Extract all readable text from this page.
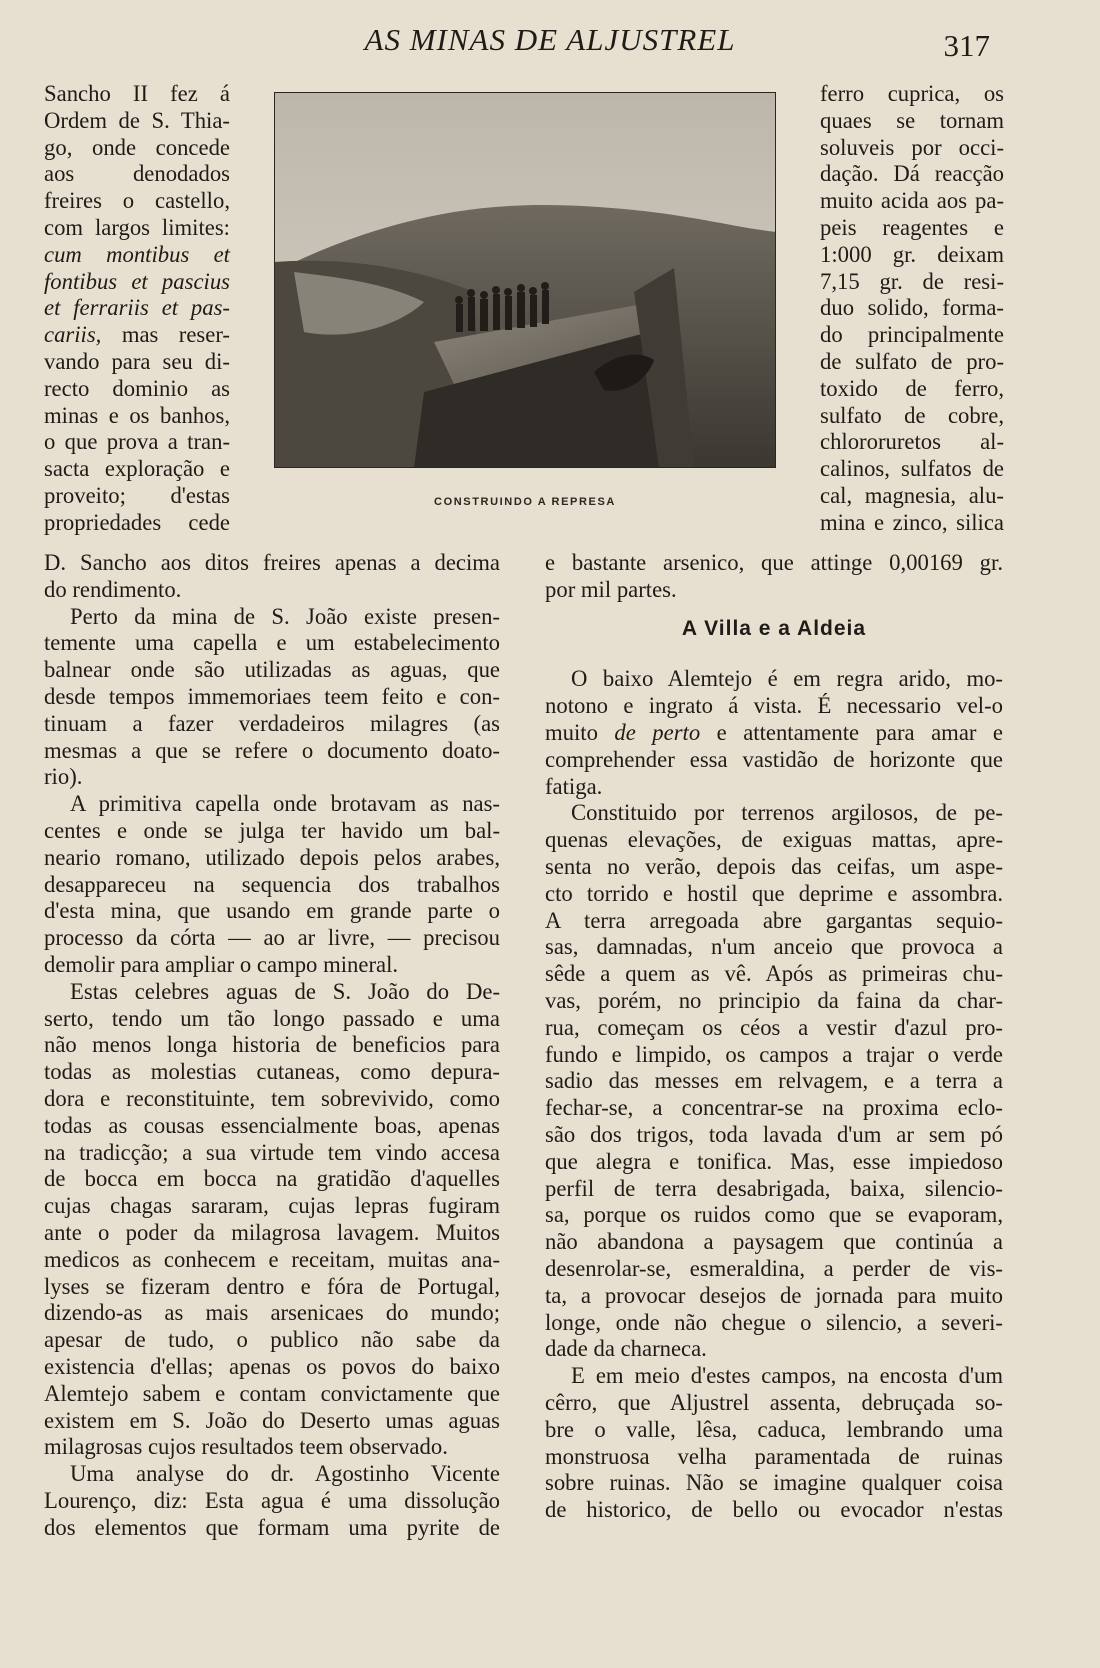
AS MINAS DE ALJUSTREL	317
CONSTRUINDO A REPRESA
Sancho II fez á
Ordem de S. Thia-
go, onde concede
aos denodados
freires o castello,
com largos limites:
cum montibus et
fontibus et pascius
et ferrariis et pas-
cariis, mas reser-
vando para seu di-
recto dominio as
minas e os banhos,
o que prova a tran-
sacta exploração e
proveito; d'estas
propriedades cede
ferro cuprica, os
quaes se tornam
soluveis por occi-
dação. Dá reacção
muito acida aos pa-
peis reagentes e
1:000 gr. deixam
7,15 gr. de resi-
duo solido, forma-
do principalmente
de sulfato de pro-
toxido de ferro,
sulfato de cobre,
chlororuretos al-
calinos, sulfatos de
cal, magnesia, alu-
mina e zinco, silica
D. Sancho aos ditos freires apenas a decima
do rendimento.
Perto da mina de S. João existe presen-
temente uma capella e um estabelecimento
balnear onde são utilizadas as aguas, que
desde tempos immemoriaes teem feito e con-
tinuam a fazer verdadeiros milagres (as
mesmas a que se refere o documento doato-
rio).
A primitiva capella onde brotavam as nas-
centes e onde se julga ter havido um bal-
neario romano, utilizado depois pelos arabes,
desappareceu na sequencia dos trabalhos
d'esta mina, que usando em grande parte o
processo da córta — ao ar livre, — precisou
demolir para ampliar o campo mineral.
Estas celebres aguas de S. João do De-
serto, tendo um tão longo passado e uma
não menos longa historia de beneficios para
todas as molestias cutaneas, como depura-
dora e reconstituinte, tem sobrevivido, como
todas as cousas essencialmente boas, apenas
na tradicção; a sua virtude tem vindo accesa
de bocca em bocca na gratidão d'aquelles
cujas chagas sararam, cujas lepras fugiram
ante o poder da milagrosa lavagem. Muitos
medicos as conhecem e receitam, muitas ana-
lyses se fizeram dentro e fóra de Portugal,
dizendo-as as mais arsenicaes do mundo;
apesar de tudo, o publico não sabe da
existencia d'ellas; apenas os povos do baixo
Alemtejo sabem e contam convictamente que
existem em S. João do Deserto umas aguas
milagrosas cujos resultados teem observado.
Uma analyse do dr. Agostinho Vicente
Lourenço, diz: Esta agua é uma dissolução
dos elementos que formam uma pyrite de
e bastante arsenico, que attinge 0,00169 gr.
por mil partes.
A Villa e a Aldeia
O baixo Alemtejo é em regra arido, mo-
notono e ingrato á vista. É necessario vel-o
muito de perto e attentamente para amar e
comprehender essa vastidão de horizonte que
fatiga.
Constituido por terrenos argilosos, de pe-
quenas elevações, de exiguas mattas, apre-
senta no verão, depois das ceifas, um aspe-
cto torrido e hostil que deprime e assombra.
A terra arregoada abre gargantas sequio-
sas, damnadas, n'um anceio que provoca a
sêde a quem as vê. Após as primeiras chu-
vas, porém, no principio da faina da char-
rua, começam os céos a vestir d'azul pro-
fundo e limpido, os campos a trajar o verde
sadio das messes em relvagem, e a terra a
fechar-se, a concentrar-se na proxima eclo-
são dos trigos, toda lavada d'um ar sem pó
que alegra e tonifica. Mas, esse impiedoso
perfil de terra desabrigada, baixa, silencio-
sa, porque os ruidos como que se evaporam,
não abandona a paysagem que continúa a
desenrolar-se, esmeraldina, a perder de vis-
ta, a provocar desejos de jornada para muito
longe, onde não chegue o silencio, a severi-
dade da charneca.
E em meio d'estes campos, na encosta d'um
cêrro, que Aljustrel assenta, debruçada so-
bre o valle, lêsa, caduca, lembrando uma
monstruosa velha paramentada de ruinas
sobre ruinas. Não se imagine qualquer coisa
de historico, de bello ou evocador n'estas
